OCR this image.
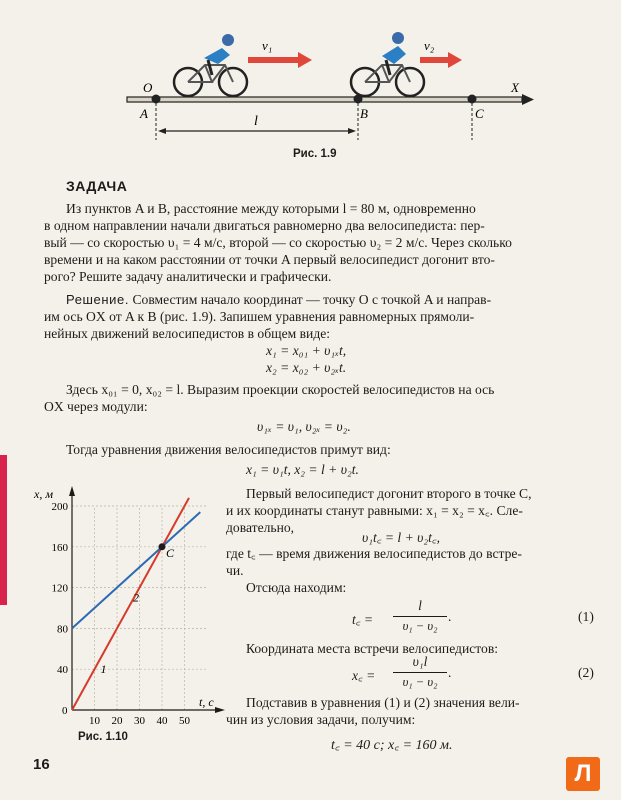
v₁	v₂
X
O
A	B	C
l
Рис. 1.9
ЗАДАЧА
Из пунктов A и B, расстояние между которыми l = 80 м, одновременно
в одном направлении начали двигаться равномерно два велосипедиста: пер-
вый — со скоростью υ₁ = 4 м/с, второй — со скоростью υ₂ = 2 м/с. Через сколько
времени и на каком расстоянии от точки A первый велосипедист догонит вто-
рого? Решите задачу аналитически и графически.
Решение. Совместим начало координат — точку O с точкой A и направ-
им ось OX от A к B (рис. 1.9). Запишем уравнения равномерных прямоли-
нейных движений велосипедистов в общем виде:
x₁ = x₀₁ + υ₁ₓt,
x₂ = x₀₂ + υ₂ₓt.
Здесь x₀₁ = 0, x₀₂ = l. Выразим проекции скоростей велосипедистов на ось
OX через модули:
υ₁ₓ = υ₁, υ₂ₓ = υ₂.
Тогда уравнения движения велосипедистов примут вид:
x₁ = υ₁t, x₂ = l + υ₂t.
Первый велосипедист догонит второго в точке C,
и их координаты станут равными: x₁ = x₂ = x꜀. Сле-
довательно,
υ₁t꜀ = l + υ₂t꜀,
где t꜀ — время движения велосипедистов до встре-
чи.
Отсюда находим:
t꜀ =
l
υ₁ − υ₂
.	(1)
Координата места встречи велосипедистов:
x꜀ =
υ₁l
υ₁ − υ₂
.	(2)
Подставив в уравнения (1) и (2) значения вели-
чин из условия задачи, получим:
t꜀ = 40 c; x꜀ = 160 м.
x, м
t, c
0
40
80
120
160
200
10 20 30 40 50
1
2
C
Рис. 1.10
16	Л
